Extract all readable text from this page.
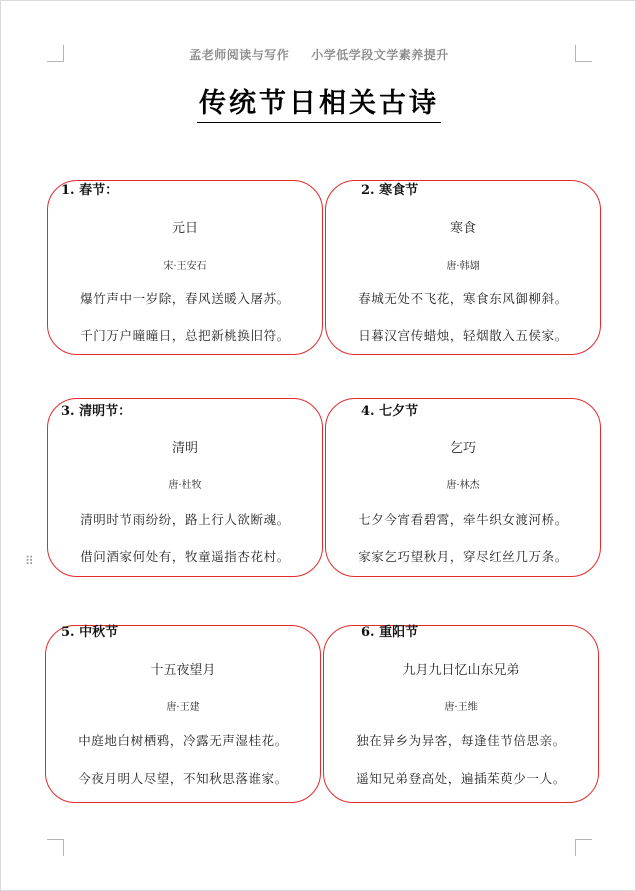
孟老师阅读与写作 小学低学段文学素养提升
传统节日相关古诗
⠿
1. 春节：
元日
宋·王安石
爆竹声中一岁除，春风送暖入屠苏。
千门万户曈曈日，总把新桃换旧符。
2. 寒食节
寒食
唐·韩翃
春城无处不飞花，寒食东风御柳斜。
日暮汉宫传蜡烛，轻烟散入五侯家。
3. 清明节：
清明
唐·杜牧
清明时节雨纷纷，路上行人欲断魂。
借问酒家何处有，牧童遥指杏花村。
4. 七夕节
乞巧
唐·林杰
七夕今宵看碧霄，牵牛织女渡河桥。
家家乞巧望秋月，穿尽红丝几万条。
5. 中秋节
十五夜望月
唐·王建
中庭地白树栖鸦，冷露无声湿桂花。
今夜月明人尽望，不知秋思落谁家。
6. 重阳节
九月九日忆山东兄弟
唐·王维
独在异乡为异客，每逢佳节倍思亲。
遥知兄弟登高处，遍插茱萸少一人。
